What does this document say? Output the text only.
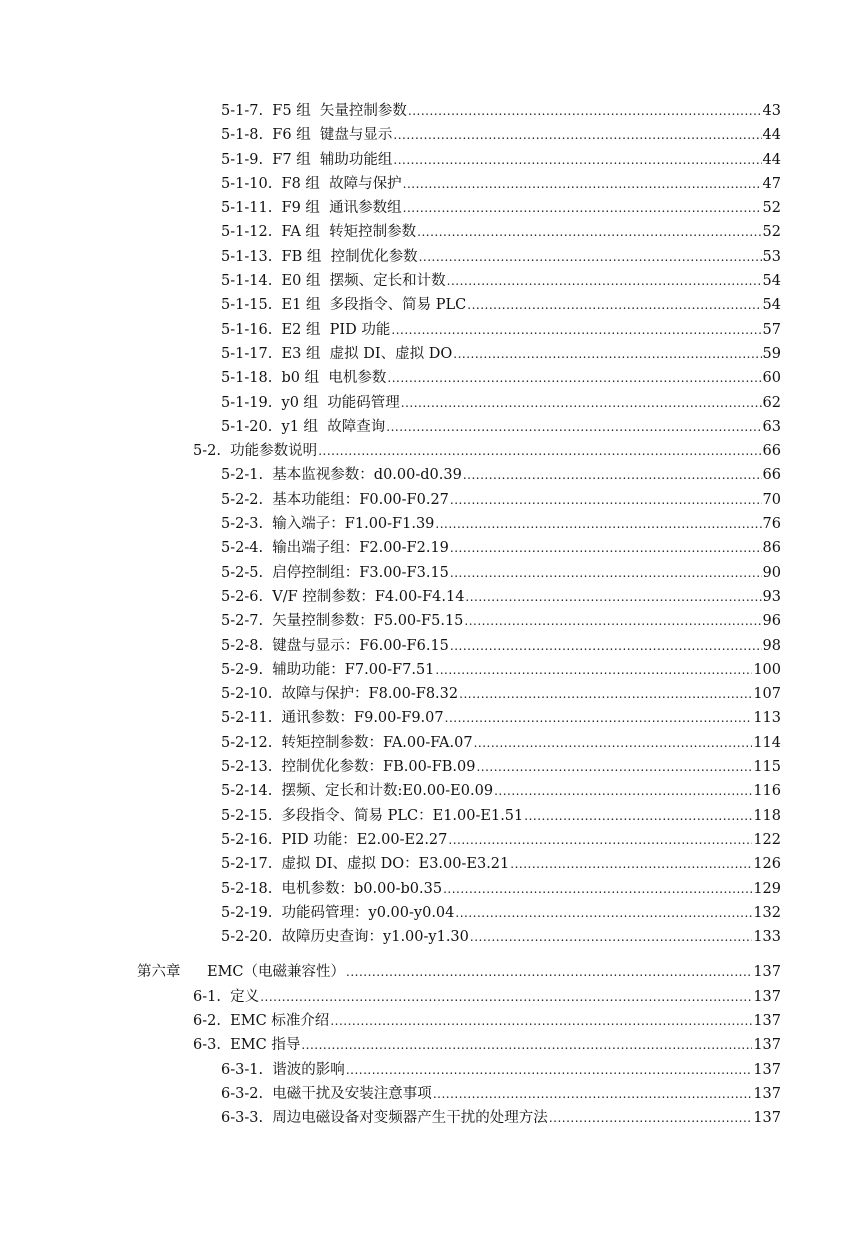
5-1-7.  F5 组  矢量控制参数 .....	43
5-1-8.  F6 组  键盘与显示 .....	44
5-1-9.  F7 组  辅助功能组 .....	44
5-1-10.  F8 组  故障与保护 .....	47
5-1-11.  F9 组  通讯参数组 .....	52
5-1-12.  FA 组  转矩控制参数 .....	52
5-1-13.  FB 组  控制优化参数 .....	53
5-1-14.  E0 组  摆频、定长和计数 .....	54
5-1-15.  E1 组  多段指令、简易 PLC .....	54
5-1-16.  E2 组  PID 功能 .....	57
5-1-17.  E3 组  虚拟 DI、虚拟 DO .....	59
5-1-18.  b0 组  电机参数 .....	60
5-1-19.  y0 组  功能码管理 .....	62
5-1-20.  y1 组  故障查询 .....	63
5-2.  功能参数说明 .....	66
5-2-1.  基本监视参数：d0.00-d0.39 .....	66
5-2-2.  基本功能组：F0.00-F0.27 .....	70
5-2-3.  输入端子：F1.00-F1.39 .....	76
5-2-4.  输出端子组：F2.00-F2.19 .....	86
5-2-5.  启停控制组：F3.00-F3.15 .....	90
5-2-6.  V/F 控制参数：F4.00-F4.14 .....	93
5-2-7.  矢量控制参数：F5.00-F5.15 .....	96
5-2-8.  键盘与显示：F6.00-F6.15 .....	98
5-2-9.  辅助功能：F7.00-F7.51 .....	100
5-2-10.  故障与保护：F8.00-F8.32 .....	107
5-2-11.  通讯参数：F9.00-F9.07 .....	113
5-2-12.  转矩控制参数：FA.00-FA.07 .....	114
5-2-13.  控制优化参数：FB.00-FB.09 .....	115
5-2-14.  摆频、定长和计数:E0.00-E0.09 .....	116
5-2-15.  多段指令、简易 PLC：E1.00-E1.51 .....	118
5-2-16.  PID 功能：E2.00-E2.27 .....	122
5-2-17.  虚拟 DI、虚拟 DO：E3.00-E3.21 .....	126
5-2-18.  电机参数：b0.00-b0.35 .....	129
5-2-19.  功能码管理：y0.00-y0.04 .....	132
5-2-20.  故障历史查询：y1.00-y1.30 .....	133
第六章	EMC（电磁兼容性） .....	137
6-1.  定义 .....	137
6-2.  EMC 标准介绍 .....	137
6-3.  EMC 指导 .....	137
6-3-1.  谐波的影响 .....	137
6-3-2.  电磁干扰及安装注意事项 .....	137
6-3-3.  周边电磁设备对变频器产生干扰的处理方法 .....	137
